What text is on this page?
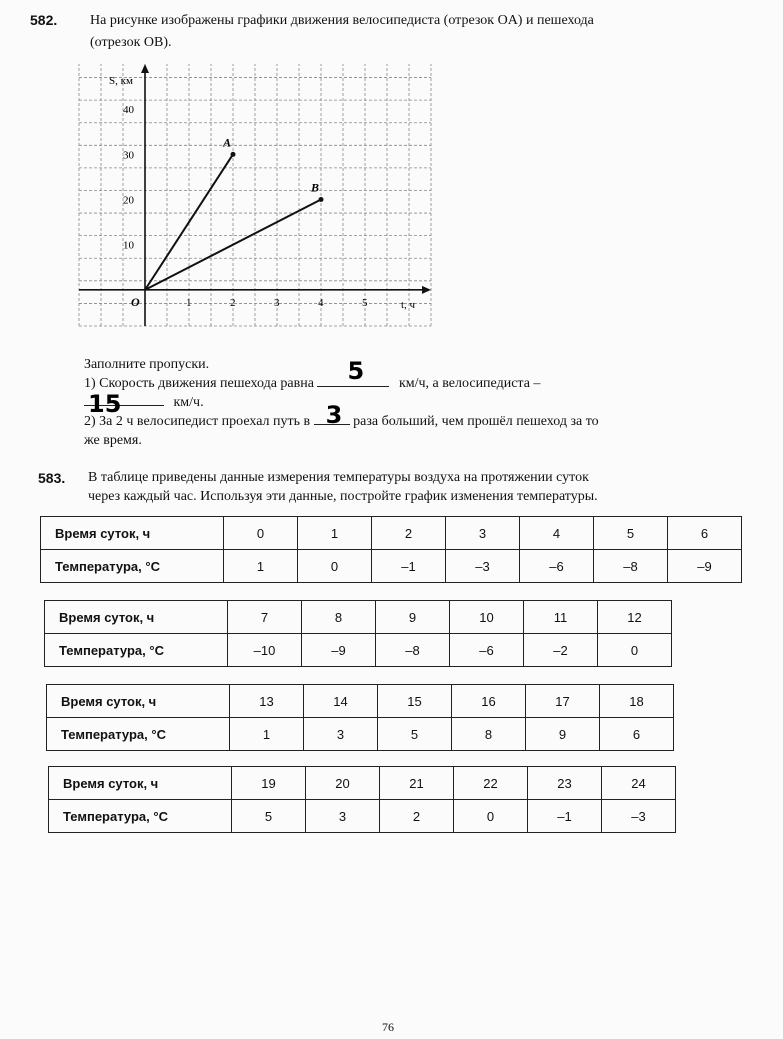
582. На рисунке изображены графики движения велосипедиста (отрезок OA) и пешехода
(отрезок OB).
A
B
1	2	3	4	5
10
20
30
40
O
S, км
t, ч
Заполните пропуски.
1) Скорость движения пешехода равна 5 км/ч, а велосипедиста –
15	км/ч.
2) За 2 ч велосипедист проехал путь в 3 раза больший, чем прошёл пешеход за то
же время.
583. В таблице приведены данные измерения температуры воздуха на протяжении суток
через каждый час. Используя эти данные, постройте график изменения температуры.
Время суток, ч	0	1	2	3	4	5	6
Температура, °С	1	0	–1	–3	–6	–8	–9
Время суток, ч	7	8	9	10	11	12
Температура, °С	–10	–9	–8	–6	–2	0
Время суток, ч	13	14	15	16	17	18
Температура, °С	1	3	5	8	9	6
Время суток, ч	19	20	21	22	23	24
Температура, °С	5	3	2	0	–1	–3
76
